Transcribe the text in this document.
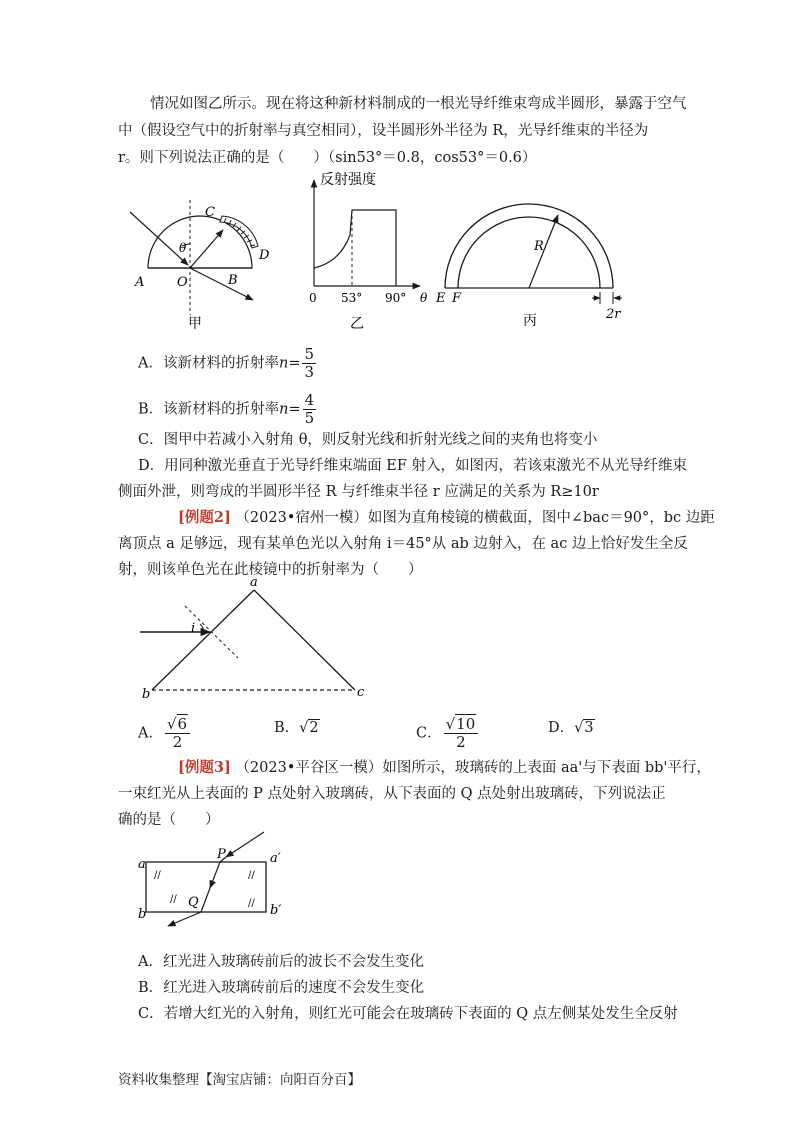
情况如图乙所示。现在将这种新材料制成的一根光导纤维束弯成半圆形，暴露于空气
中（假设空气中的折射率与真空相同），设半圆形外半径为 R，光导纤维束的半径为
r。则下列说法正确的是（　　）（sin53°＝0.8，cos53°＝0.6）
A	O	B
C
D
θ
甲
反射强度
0 53° 90° θ
乙
E F
R
2r
丙
A．该新材料的折射率$n= \frac{5}{3}$
B．该新材料的折射率$n= \frac{4}{5}$
C．图甲中若减小入射角 θ，则反射光线和折射光线之间的夹角也将变小
D．用同种激光垂直于光导纤维束端面 EF 射入，如图丙，若该束激光不从光导纤维束
侧面外泄，则弯成的半圆形半径 R 与纤维束半径 r 应满足的关系为 R≥10r
[例题2] （2023•宿州一模）如图为直角棱镜的横截面，图中∠bac＝90°，bc 边距
离顶点 a 足够远，现有某单色光以入射角 i＝45°从 ab 边射入，在 ac 边上恰好发生全反
射，则该单色光在此棱镜中的折射率为（　　）
a
b	c
i
A． $\frac{√6}{2}$	B．√2	C． $\frac{√10}{2}$	D．√3
[例题3] （2023•平谷区一模）如图所示，玻璃砖的上表面 aa'与下表面 bb'平行，
一束红光从上表面的 P 点处射入玻璃砖，从下表面的 Q 点处射出玻璃砖，下列说法正
确的是（　　）
a	a′
b	b′
P
Q
//	//
//	//
A．红光进入玻璃砖前后的波长不会发生变化
B．红光进入玻璃砖前后的速度不会发生变化
C．若增大红光的入射角，则红光可能会在玻璃砖下表面的 Q 点左侧某处发生全反射
资料收集整理【淘宝店铺：向阳百分百】
